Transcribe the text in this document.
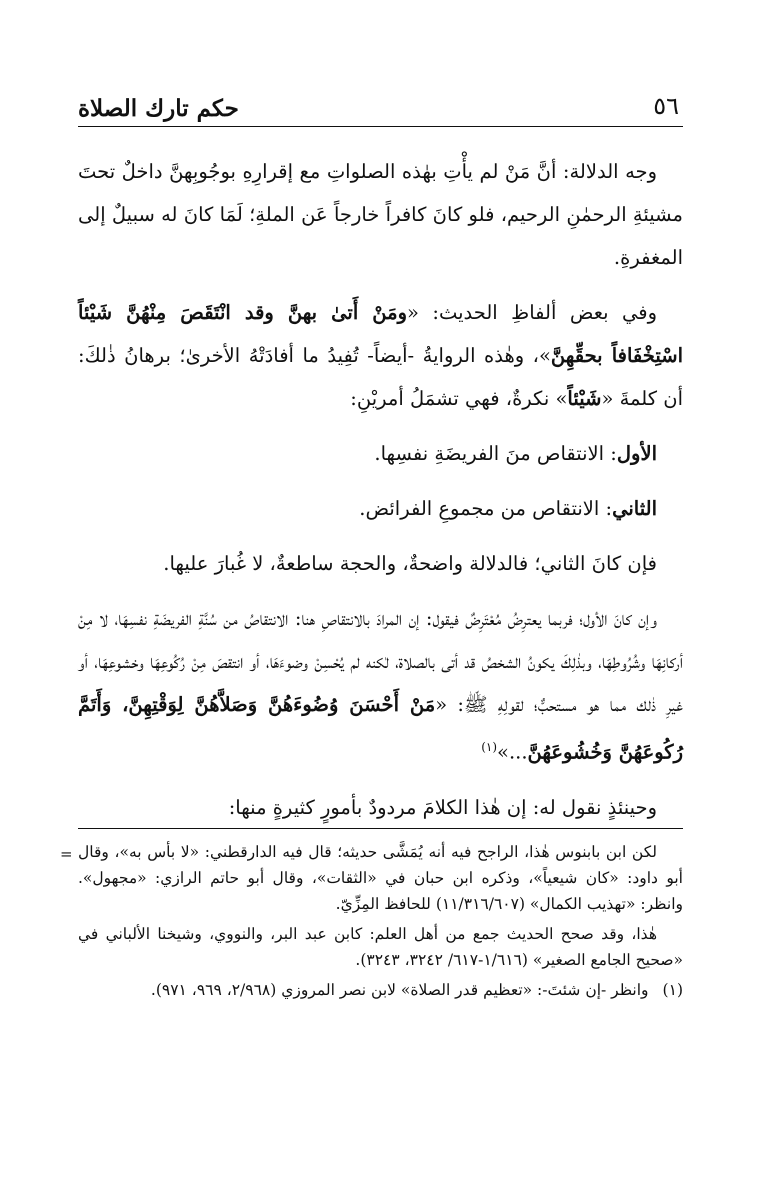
حكم تارك الصلاة	٥٦

وجه الدلالة: أنَّ مَنْ لم يأْتِ بهٰذه الصلواتِ مع إقرارِهِ بوجُوبِهنَّ داخلٌ تحتَ مشيئةِ الرحمٰنِ الرحيم، فلو كانَ كافراً خارجاً عَن الملةِ؛ لَمَا كانَ له سبيلٌ إلى المغفرةِ.

وفي بعض ألفاظِ الحديث: «ومَنْ أَتىٰ بهنَّ وقد انْتَقَصَ مِنْهُنَّ شَيْئاً اسْتِخْفَافاً بحقِّهِنَّ»، وهٰذه الروايةُ -أيضاً- تُفِيدُ ما أفادَتْهُ الأخرىٰ؛ برهانُ ذٰلكَ: أن كلمةَ «شَيْئاً» نكرةٌ، فهي تشمَلُ أمريْنِ:

الأول: الانتقاص منَ الفريضَةِ نفسِها.

الثاني: الانتقاص من مجموعِ الفرائض.

فإن كانَ الثاني؛ فالدلالة واضحةٌ، والحجة ساطعةٌ، لا غُبارَ عليها.

وإن كانَ الأول؛ فربما يعترِضُ مُعْتَرِضٌ فيقول: إن المرادَ بالانتقاصِ هنا: الانتقاصُ من سُنَّةِ الفريضَةِ نفسِهَا، لا مِنْ أركانِهَا وشُرُوطِهَا، وبذٰلِكَ يكونُ الشخصُ قد أتى بالصلاة، لٰكنه لم يُحْسِنْ وضوءَهَا، أو انتقصَ مِنْ رُكُوعِهَا وخشوعِهَا، أو غيرِ ذٰلك مما هو مستحبٌّ؛ لقولِهِ ﷺ: «مَنْ أَحْسَنَ وُضُوءَهُنَّ وَصَلاَّهُنَّ لِوَقْتِهِنَّ، وَأَتَمَّ رُكُوعَهُنَّ وَخُشُوعَهُنَّ...»$^{(١)}$

وحينئذٍ نقول له: إن هٰذا الكلامَ مردودٌ بأمورٍ كثيرةٍ منها:

= لكن ابن بابنوس هٰذا، الراجح فيه أنه يُمَشَّى حديثه؛ قال فيه الدارقطني: «لا بأس به»، وقال أبو داود: «كان شيعياً»، وذكره ابن حبان في «الثقات»، وقال أبو حاتم الرازي: «مجهول». وانظر: «تهذيب الكمال» (١١/٣١٦/٦٠٧) للحافظ المِزِّيّ.

هٰذا، وقد صحح الحديث جمع من أهل العلم: كابن عبد البر، والنووي، وشيخنا الألباني في «صحيح الجامع الصغير» (١/٦١٦-٦١٧/ ٣٢٤٢، ٣٢٤٣).

(١)وانظر -إن شئتَ-: «تعظيم قدر الصلاة» لابن نصر المروزي (٢/٩٦٨، ٩٦٩، ٩٧١).
